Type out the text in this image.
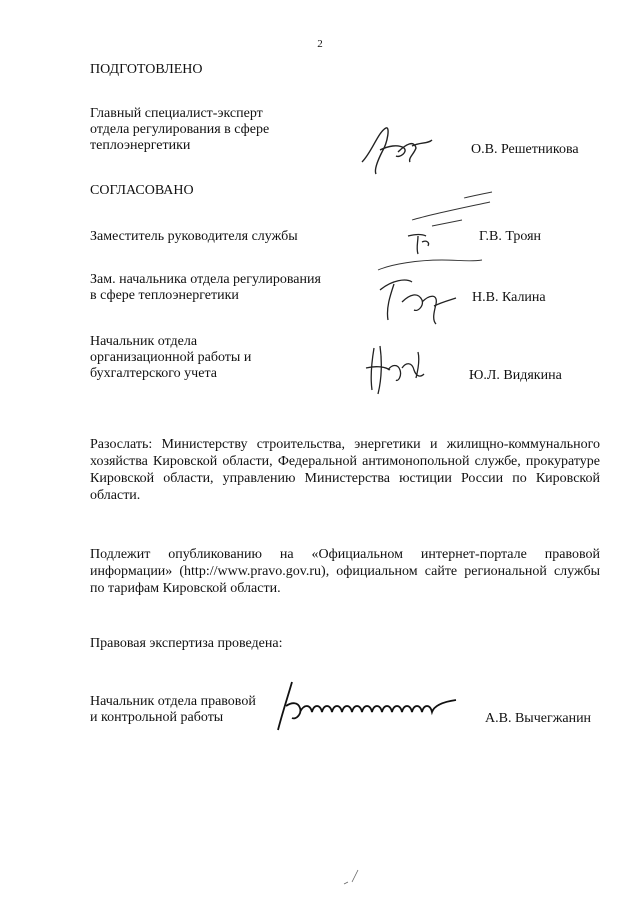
2
ПОДГОТОВЛЕНО
Главный специалист-эксперт
отдела регулирования в сфере
теплоэнергетики	О.В. Решетникова
СОГЛАСОВАНО
Заместитель руководителя службы	Г.В. Троян
Зам. начальника отдела регулирования
в сфере теплоэнергетики	Н.В. Калина
Начальник отдела
организационной работы и
бухгалтерского учета	Ю.Л. Видякина
Разослать: Министерству строительства, энергетики и жилищно-коммунального хозяйства Кировской области, Федеральной антимонопольной службе, прокуратуре Кировской области, управлению Министерства юстиции России по Кировской области.
Подлежит опубликованию на «Официальном интернет-портале правовой информации» (http://www.pravo.gov.ru), официальном сайте региональной службы по тарифам Кировской области.
Правовая экспертиза проведена:
Начальник отдела правовой
и контрольной работы	А.В. Вычегжанин
